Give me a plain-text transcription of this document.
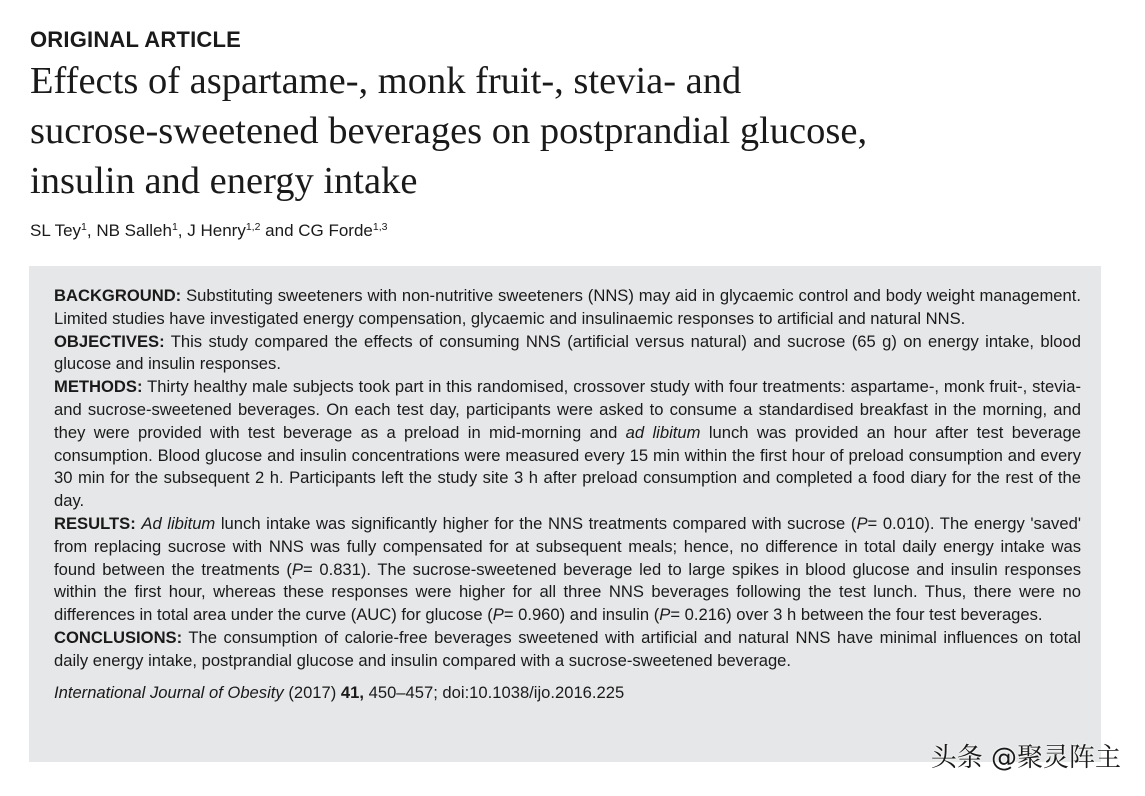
ORIGINAL ARTICLE
Effects of aspartame-, monk fruit-, stevia- and
sucrose-sweetened beverages on postprandial glucose,
insulin and energy intake
SL Tey$^1$, NB Salleh$^1$, J Henry$^{1,2}$ and CG Forde$^{1,3}$

BACKGROUND: Substituting sweeteners with non-nutritive sweeteners (NNS) may aid in glycaemic control and body weight management. Limited studies have investigated energy compensation, glycaemic and insulinaemic responses to artificial and natural NNS.

OBJECTIVES: This study compared the effects of consuming NNS (artificial versus natural) and sucrose (65 g) on energy intake, blood glucose and insulin responses.

METHODS: Thirty healthy male subjects took part in this randomised, crossover study with four treatments: aspartame-, monk fruit-, stevia- and sucrose-sweetened beverages. On each test day, participants were asked to consume a standardised breakfast in the morning, and they were provided with test beverage as a preload in mid-morning and ad libitum lunch was provided an hour after test beverage consumption. Blood glucose and insulin concentrations were measured every 15 min within the first hour of preload consumption and every 30 min for the subsequent 2 h. Participants left the study site 3 h after preload consumption and completed a food diary for the rest of the day.

RESULTS: Ad libitum lunch intake was significantly higher for the NNS treatments compared with sucrose (P= 0.010). The energy 'saved' from replacing sucrose with NNS was fully compensated for at subsequent meals; hence, no difference in total daily energy intake was found between the treatments (P= 0.831). The sucrose-sweetened beverage led to large spikes in blood glucose and insulin responses within the first hour, whereas these responses were higher for all three NNS beverages following the test lunch. Thus, there were no differences in total area under the curve (AUC) for glucose (P= 0.960) and insulin (P= 0.216) over 3 h between the four test beverages.

CONCLUSIONS: The consumption of calorie-free beverages sweetened with artificial and natural NNS have minimal influences on total daily energy intake, postprandial glucose and insulin compared with a sucrose-sweetened beverage.

International Journal of Obesity (2017) 41, 450–457; doi:10.1038/ijo.2016.225
头条 @聚灵阵主
